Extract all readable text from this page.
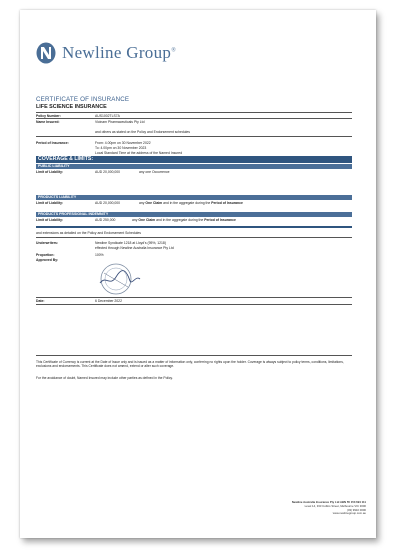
Newline Group®
CERTIFICATE OF INSURANCE
LIFE SCIENCE INSURANCE
Policy Number:	AUS1002TLS7A
Name Insured:	Vicinam Pharmaceuticals Pty Ltd
and others as stated on the Policy and Endorsement schedules
Period of Insurance:	From: 4.00pm on 30 November 2022
To: 4.00pm on 30 November 2023
Local Standard Time at the address of the Named Insured
COVERAGE & LIMITS:
PUBLIC LIABILITY
Limit of Liability:	AUD 20,000,000	any one Occurrence
PRODUCTS LIABILITY
Limit of Liability:	AUD 20,000,000	any One Claim and in the aggregate during the Period of Insurance
PRODUCTS PROFESSIONAL INDEMNITY
Limit of Liability:	AUD 250,000	any One Claim and in the aggregate during the Period of Insurance
and extensions as detailed on the Policy and Endorsement Schedules
Underwriters:	Newline Syndicate 1218 at Lloyd's (95%, 1218)
effected through Newline Australia Insurance Pty Ltd
Proportion:	100%
Approved By:
Date:	6 December 2022
This Certificate of Currency is current at the Date of Issue only and is issued as a matter of information only, conferring no rights upon the holder. Coverage is always subject to policy terms, conditions, limitations, exclusions and endorsements. This Certificate does not amend, extend or alter such coverage.
For the avoidance of doubt, Named Insured may include other parties as defined in the Policy.
Newline Australia Insurance Pty Ltd ABN 55 153 694 111
Level 14, 333 Collins Street, Melbourne VIC 3000
(03) 9910 0000
www.newlinegroup.com.au
